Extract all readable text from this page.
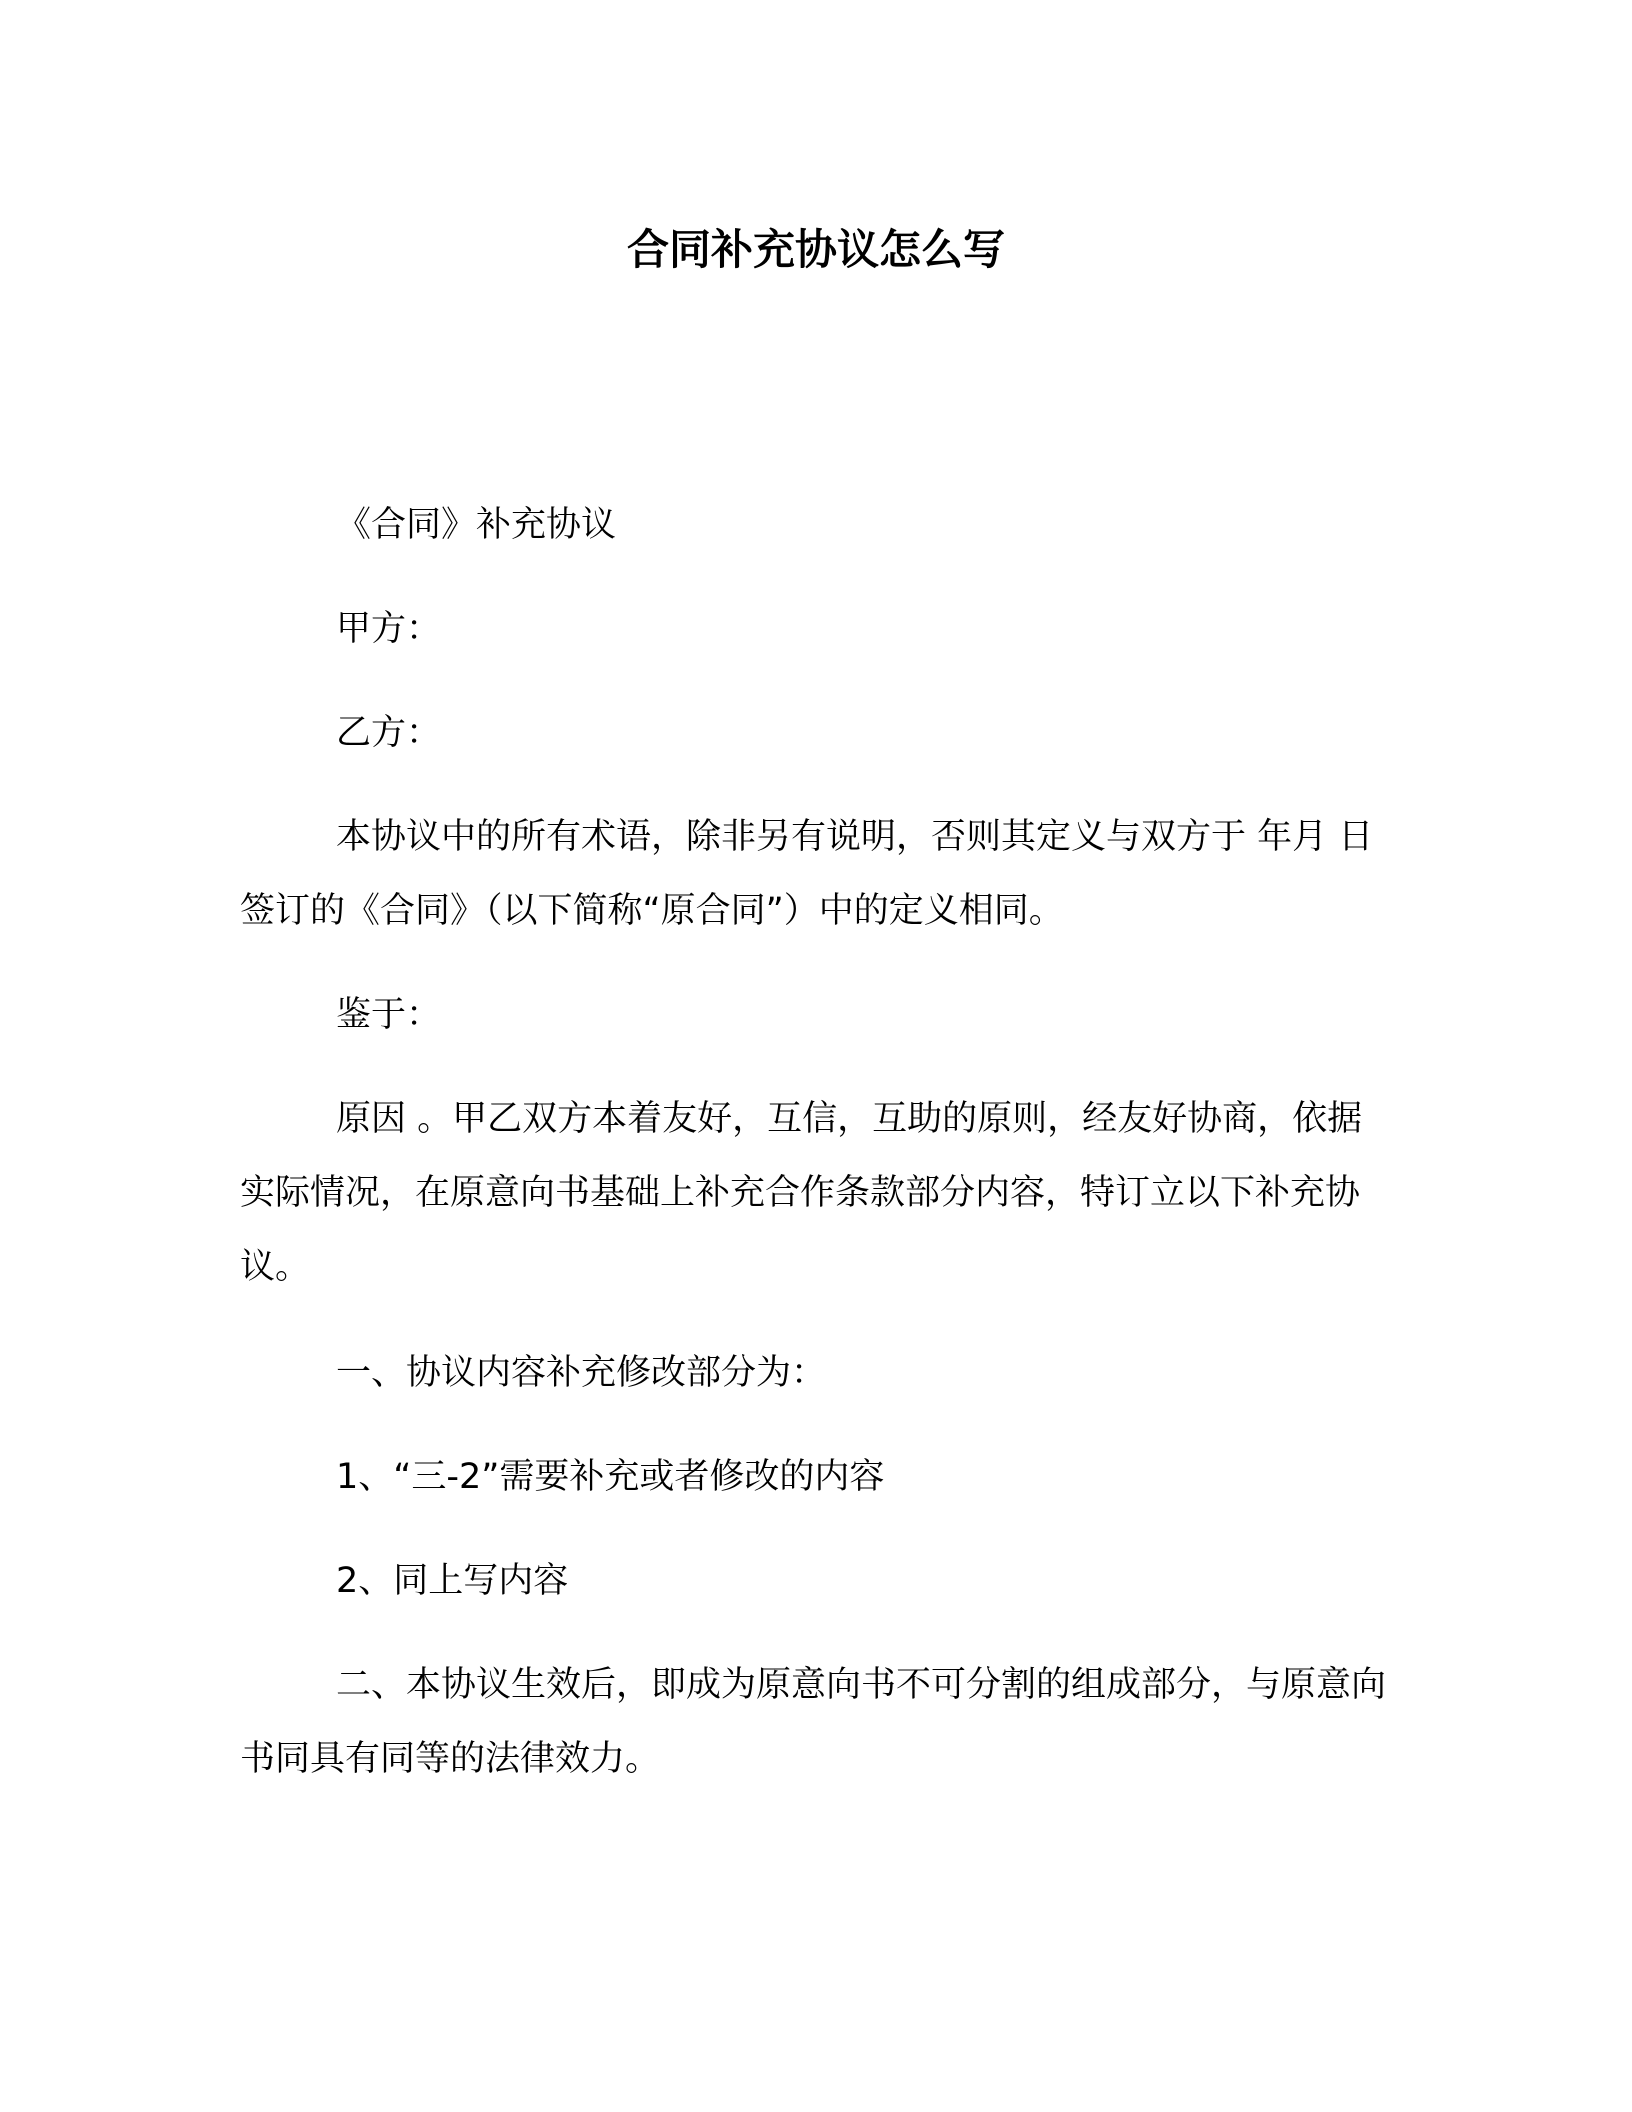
合同补充协议怎么写

《合同》补充协议

甲方：

乙方：

本协议中的所有术语，除非另有说明，否则其定义与双方于 年月 日签订的《合同》（以下简称“原合同”）中的定义相同。

鉴于：

原因 。甲乙双方本着友好，互信，互助的原则，经友好协商，依据实际情况，在原意向书基础上补充合作条款部分内容，特订立以下补充协议。

一、协议内容补充修改部分为：

1、“三-2”需要补充或者修改的内容

2、同上写内容

二、本协议生效后，即成为原意向书不可分割的组成部分，与原意向书同具有同等的法律效力。
